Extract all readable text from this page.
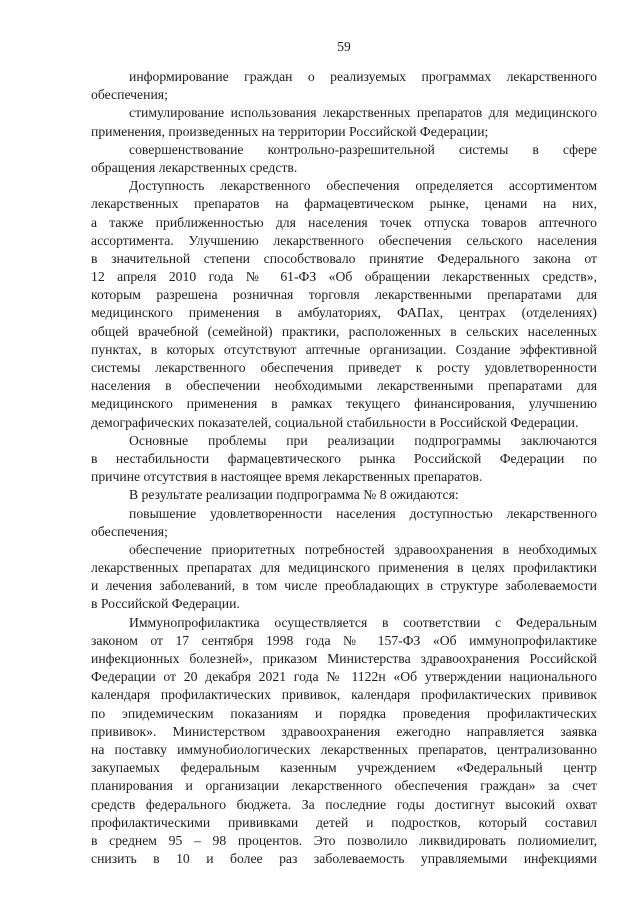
59
информирование граждан о реализуемых программах лекарственного
обеспечения;
стимулирование использования лекарственных препаратов для медицинского
применения, произведенных на территории Российской Федерации;
совершенствование контрольно-разрешительной системы в сфере
обращения лекарственных средств.
Доступность лекарственного обеспечения определяется ассортиментом
лекарственных препаратов на фармацевтическом рынке, ценами на них,
а также приближенностью для населения точек отпуска товаров аптечного
ассортимента. Улучшению лекарственного обеспечения сельского населения
в значительной степени способствовало принятие Федерального закона от
12 апреля 2010 года № 61-ФЗ «Об обращении лекарственных средств»,
которым разрешена розничная торговля лекарственными препаратами для
медицинского применения в амбулаториях, ФАПах, центрах (отделениях)
общей врачебной (семейной) практики, расположенных в сельских населенных
пунктах, в которых отсутствуют аптечные организации. Создание эффективной
системы лекарственного обеспечения приведет к росту удовлетворенности
населения в обеспечении необходимыми лекарственными препаратами для
медицинского применения в рамках текущего финансирования, улучшению
демографических показателей, социальной стабильности в Российской Федерации.
Основные проблемы при реализации подпрограммы заключаются
в нестабильности фармацевтического рынка Российской Федерации по
причине отсутствия в настоящее время лекарственных препаратов.
В результате реализации подпрограмма № 8 ожидаются:
повышение удовлетворенности населения доступностью лекарственного
обеспечения;
обеспечение приоритетных потребностей здравоохранения в необходимых
лекарственных препаратах для медицинского применения в целях профилактики
и лечения заболеваний, в том числе преобладающих в структуре заболеваемости
в Российской Федерации.
Иммунопрофилактика осуществляется в соответствии с Федеральным
законом от 17 сентября 1998 года № 157-ФЗ «Об иммунопрофилактике
инфекционных болезней», приказом Министерства здравоохранения Российской
Федерации от 20 декабря 2021 года № 1122н «Об утверждении национального
календаря профилактических прививок, календаря профилактических прививок
по эпидемическим показаниям и порядка проведения профилактических
прививок». Министерством здравоохранения ежегодно направляется заявка
на поставку иммунобиологических лекарственных препаратов, централизованно
закупаемых федеральным казенным учреждением «Федеральный центр
планирования и организации лекарственного обеспечения граждан» за счет
средств федерального бюджета. За последние годы достигнут высокий охват
профилактическими прививками детей и подростков, который составил
в среднем 95 – 98 процентов. Это позволило ликвидировать полиомиелит,
снизить в 10 и более раз заболеваемость управляемыми инфекциями
